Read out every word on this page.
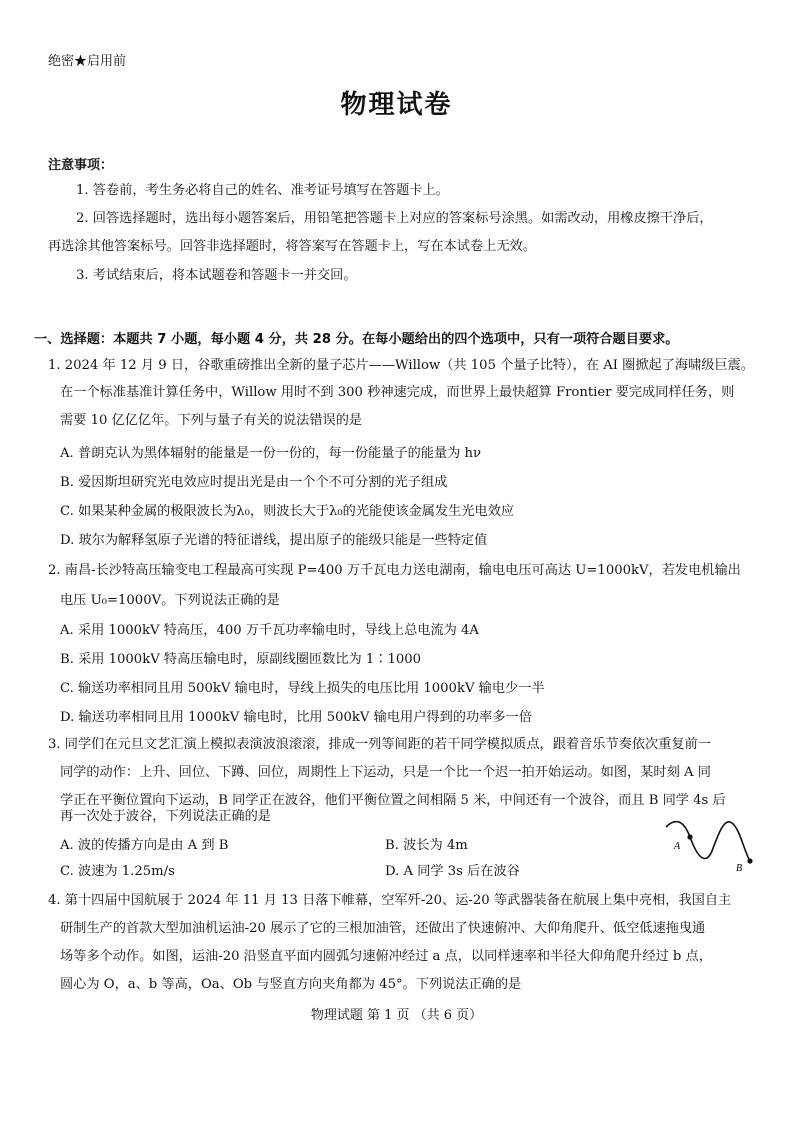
绝密★启用前
物理试卷
注意事项：
1. 答卷前，考生务必将自己的姓名、准考证号填写在答题卡上。
2. 回答选择题时，选出每小题答案后，用铅笔把答题卡上对应的答案标号涂黑。如需改动，用橡皮擦干净后，
再选涂其他答案标号。回答非选择题时，将答案写在答题卡上，写在本试卷上无效。
3. 考试结束后，将本试题卷和答题卡一并交回。
一、选择题：本题共 7 小题，每小题 4 分，共 28 分。在每小题给出的四个选项中，只有一项符合题目要求。
1. 2024 年 12 月 9 日，谷歌重磅推出全新的量子芯片——Willow（共 105 个量子比特），在 AI 圈掀起了海啸级巨震。
在一个标准基准计算任务中，Willow 用时不到 300 秒神速完成，而世界上最快超算 Frontier 要完成同样任务，则
需要 10 亿亿亿年。下列与量子有关的说法错误的是
A. 普朗克认为黑体辐射的能量是一份一份的，每一份能量子的能量为 hν
B. 爱因斯坦研究光电效应时提出光是由一个个不可分割的光子组成
C. 如果某种金属的极限波长为λ₀，则波长大于λ₀的光能使该金属发生光电效应
D. 玻尔为解释氢原子光谱的特征谱线，提出原子的能级只能是一些特定值
2. 南昌-长沙特高压输变电工程最高可实现 P=400 万千瓦电力送电湖南，输电电压可高达 U=1000kV，若发电机输出
电压 U₀=1000V。下列说法正确的是
A. 采用 1000kV 特高压，400 万千瓦功率输电时，导线上总电流为 4A
B. 采用 1000kV 特高压输电时，原副线圈匝数比为 1∶1000
C. 输送功率相同且用 500kV 输电时，导线上损失的电压比用 1000kV 输电少一半
D. 输送功率相同且用 1000kV 输电时，比用 500kV 输电用户得到的功率多一倍
3. 同学们在元旦文艺汇演上模拟表演波浪滚滚，排成一列等间距的若干同学模拟质点，跟着音乐节奏依次重复前一
同学的动作：上升、回位、下蹲、回位，周期性上下运动，只是一个比一个迟一拍开始运动。如图，某时刻 A 同
学正在平衡位置向下运动，B 同学正在波谷，他们平衡位置之间相隔 5 米，中间还有一个波谷，而且 B 同学 4s 后
再一次处于波谷，下列说法正确的是
A. 波的传播方向是由 A 到 B	B. 波长为 4m
C. 波速为 1.25m/s	D. A 同学 3s 后在波谷
A
B
4. 第十四届中国航展于 2024 年 11 月 13 日落下帷幕，空军歼-20、运-20 等武器装备在航展上集中亮相，我国自主
研制生产的首款大型加油机运油-20 展示了它的三根加油管，还做出了快速俯冲、大仰角爬升、低空低速拖曳通
场等多个动作。如图，运油-20 沿竖直平面内圆弧匀速俯冲经过 a 点，以同样速率和半径大仰角爬升经过 b 点，
圆心为 O，a、b 等高，Oa、Ob 与竖直方向夹角都为 45°。下列说法正确的是
物理试题 第 1 页 （共 6 页）
